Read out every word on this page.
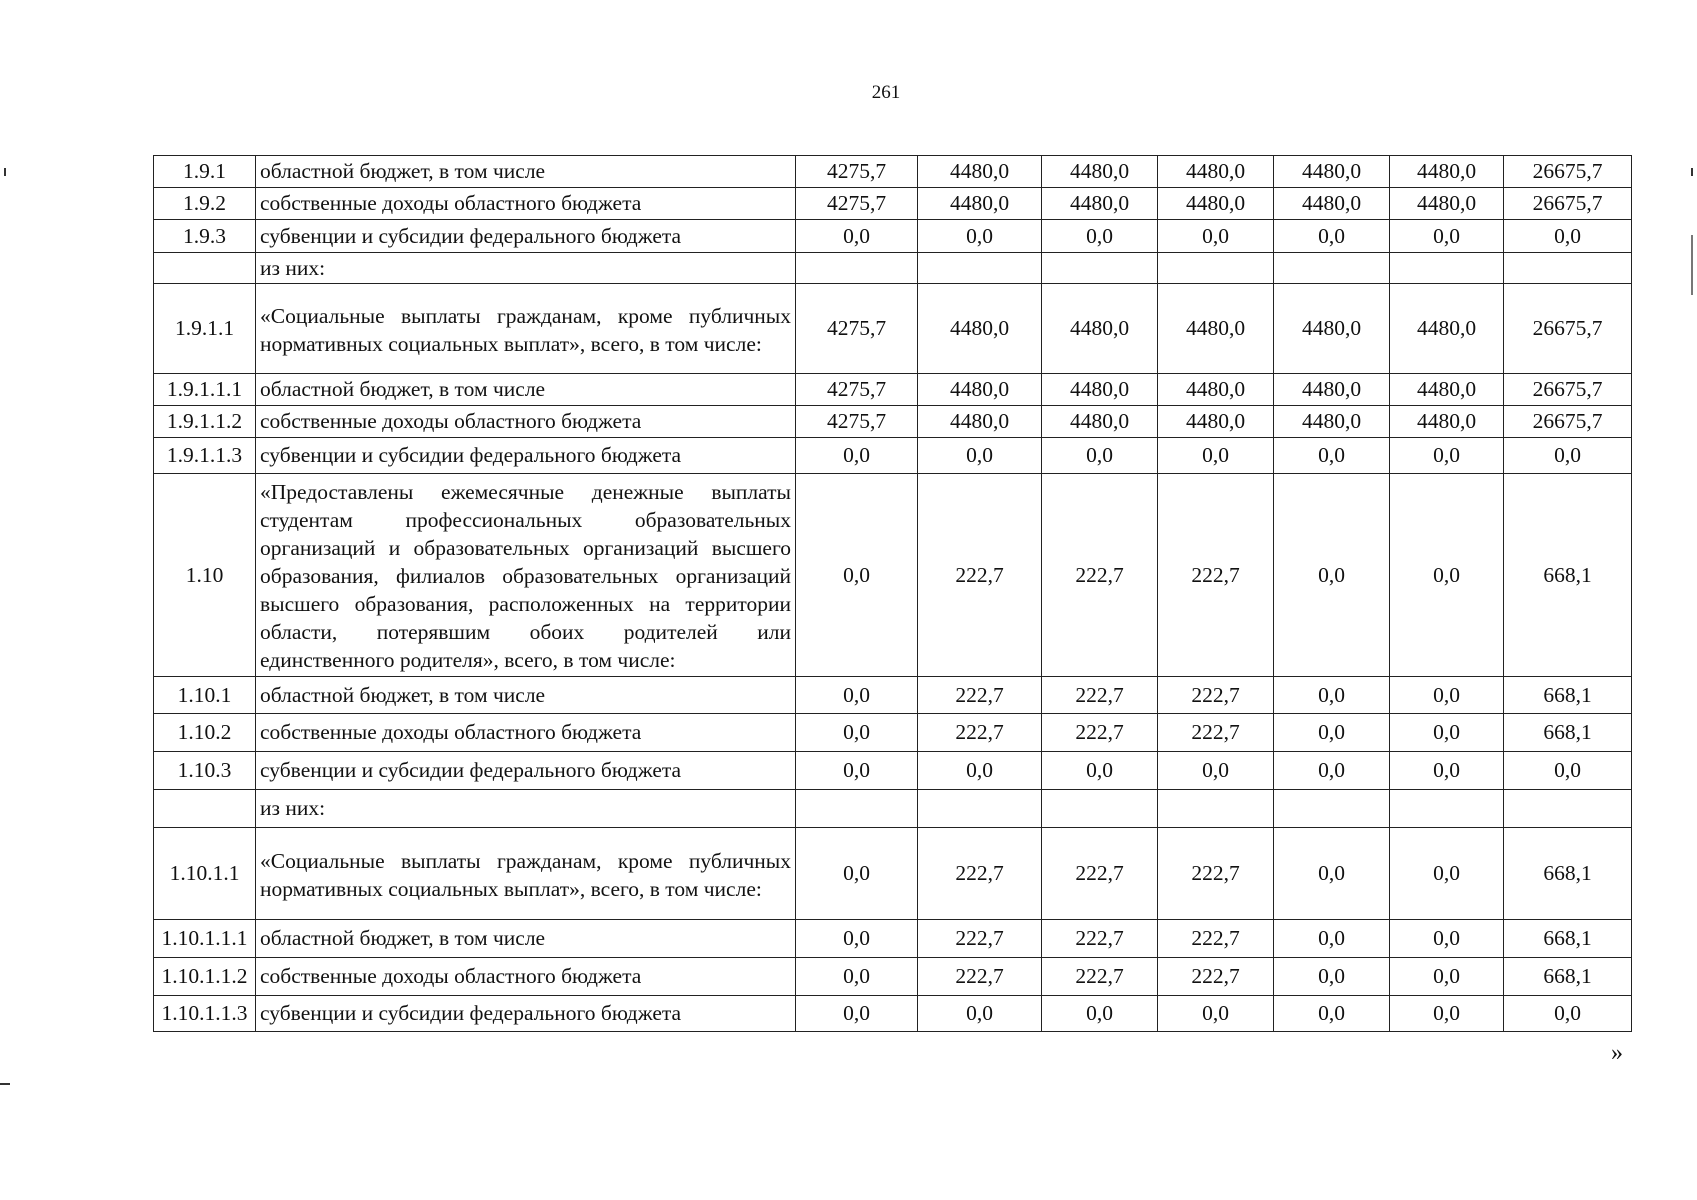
261
1.9.1	областной бюджет, в том числе	4275,7	4480,0	4480,0	4480,0	4480,0	4480,0	26675,7
1.9.2	собственные доходы областного бюджета	4275,7	4480,0	4480,0	4480,0	4480,0	4480,0	26675,7
1.9.3	субвенции и субсидии федерального бюджета	0,0	0,0	0,0	0,0	0,0	0,0	0,0
	из них:							
1.9.1.1	«Социальные выплаты гражданам, кроме публичных нормативных социальных выплат», всего, в том числе:	4275,7	4480,0	4480,0	4480,0	4480,0	4480,0	26675,7
1.9.1.1.1	областной бюджет, в том числе	4275,7	4480,0	4480,0	4480,0	4480,0	4480,0	26675,7
1.9.1.1.2	собственные доходы областного бюджета	4275,7	4480,0	4480,0	4480,0	4480,0	4480,0	26675,7
1.9.1.1.3	субвенции и субсидии федерального бюджета	0,0	0,0	0,0	0,0	0,0	0,0	0,0
1.10	«Предоставлены ежемесячные денежные выплаты студентам профессиональных образовательных организаций и образовательных организаций высшего образования, филиалов образовательных организаций высшего образования, расположенных на территории области, потерявшим обоих родителей или единственного родителя», всего, в том числе:	0,0	222,7	222,7	222,7	0,0	0,0	668,1
1.10.1	областной бюджет, в том числе	0,0	222,7	222,7	222,7	0,0	0,0	668,1
1.10.2	собственные доходы областного бюджета	0,0	222,7	222,7	222,7	0,0	0,0	668,1
1.10.3	субвенции и субсидии федерального бюджета	0,0	0,0	0,0	0,0	0,0	0,0	0,0
	из них:							
1.10.1.1	«Социальные выплаты гражданам, кроме публичных нормативных социальных выплат», всего, в том числе:	0,0	222,7	222,7	222,7	0,0	0,0	668,1
1.10.1.1.1	областной бюджет, в том числе	0,0	222,7	222,7	222,7	0,0	0,0	668,1
1.10.1.1.2	собственные доходы областного бюджета	0,0	222,7	222,7	222,7	0,0	0,0	668,1
1.10.1.1.3	субвенции и субсидии федерального бюджета	0,0	0,0	0,0	0,0	0,0	0,0	0,0
»
